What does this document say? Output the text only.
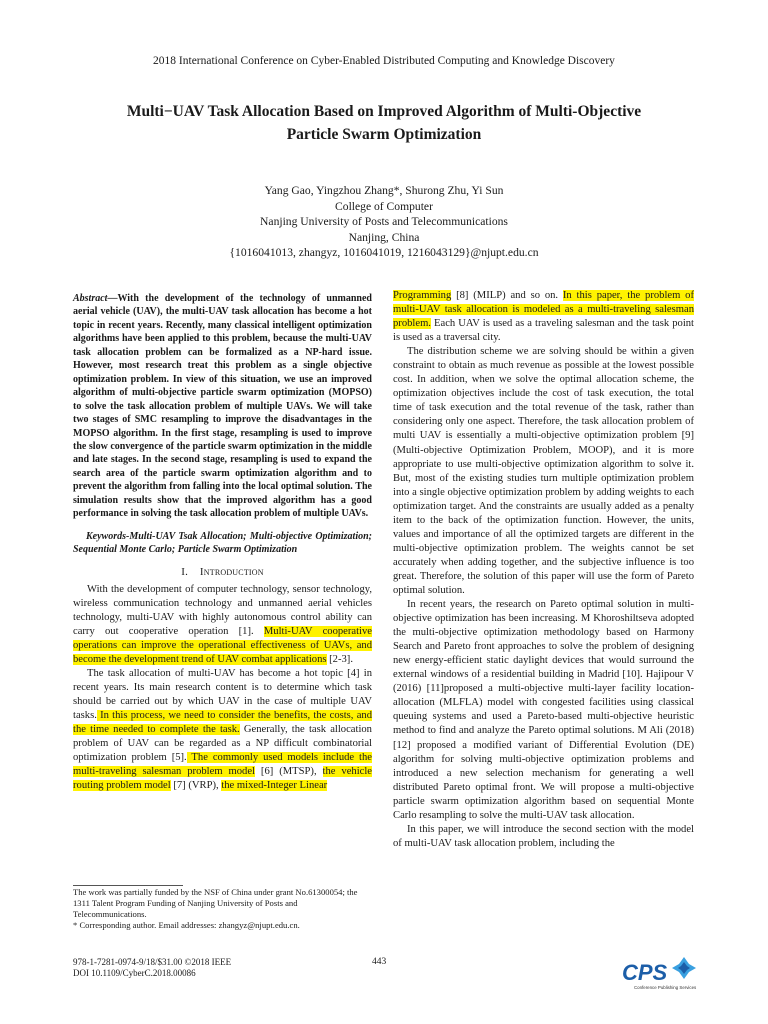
2018 International Conference on Cyber-Enabled Distributed Computing and Knowledge Discovery
Multi−UAV Task Allocation Based on Improved Algorithm of Multi-Objective
Particle Swarm Optimization
Yang Gao, Yingzhou Zhang*, Shurong Zhu, Yi Sun
College of Computer
Nanjing University of Posts and Telecommunications
Nanjing, China
{1016041013, zhangyz, 1016041019, 1216043129}@njupt.edu.cn

Abstract—With the development of the technology of unmanned aerial vehicle (UAV), the multi-UAV task allocation has become a hot topic in recent years. Recently, many classical intelligent optimization algorithms have been applied to this problem, because the multi-UAV task allocation problem can be formalized as a NP-hard issue. However, most research treat this problem as a single objective optimization problem. In view of this situation, we use an improved algorithm of multi-objective particle swarm optimization (MOPSO) to solve the task allocation problem of multiple UAVs. We will take two stages of SMC resampling to improve the disadvantages in the MOPSO algorithm. In the first stage, resampling is used to improve the slow convergence of the particle swarm optimization in the middle and late stages. In the second stage, resampling is used to expand the search area of the particle swarm optimization algorithm and to prevent the algorithm from falling into the local optimal solution. The simulation results show that the improved algorithm has a good performance in solving the task allocation problem of multiple UAVs.

Keywords-Multi-UAV Tsak Allocation; Multi-objective Optimization; Sequential Monte Carlo; Particle Swarm Optimization

I. Introduction

With the development of computer technology, sensor technology, wireless communication technology and unmanned aerial vehicles technology, multi-UAV with highly autonomous control ability can carry out cooperative operation [1]. Multi-UAV cooperative operations can improve the operational effectiveness of UAVs, and become the development trend of UAV combat applications [2-3].

The task allocation of multi-UAV has become a hot topic [4] in recent years. Its main research content is to determine which task should be carried out by which UAV in the case of multiple UAV tasks. In this process, we need to consider the benefits, the costs, and the time needed to complete the task. Generally, the task allocation problem of UAV can be regarded as a NP difficult combinatorial optimization problem [5]. The commonly used models include the multi-traveling salesman problem model [6] (MTSP), the vehicle routing problem model [7] (VRP), the mixed-Integer Linear

The work was partially funded by the NSF of China under grant No.61300054; the 1311 Talent Program Funding of Nanjing University of Posts and Telecommunications.
* Corresponding author. Email addresses: zhangyz@njupt.edu.cn.

Programming [8] (MILP) and so on. In this paper, the problem of multi-UAV task allocation is modeled as a multi-traveling salesman problem. Each UAV is used as a traveling salesman and the task point is used as a traversal city.

The distribution scheme we are solving should be within a given constraint to obtain as much revenue as possible at the lowest possible cost. In addition, when we solve the optimal allocation scheme, the optimization objectives include the cost of task execution, the total time of task execution and the total revenue of the task, rather than considering only one aspect. Therefore, the task allocation problem of multi UAV is essentially a multi-objective optimization problem [9] (Multi-objective Optimization Problem, MOOP), and it is more appropriate to use multi-objective optimization algorithm to solve it. But, most of the existing studies turn multiple optimization problem into a single objective optimization problem by adding weights to each optimization target. And the constraints are usually added as a penalty item to the back of the optimization function. However, the units, values and importance of all the optimized targets are different in the multi-objective optimization problem. The weights cannot be set accurately when adding together, and the subjective influence is too great. Therefore, the solution of this paper will use the form of Pareto optimal solution.

In recent years, the research on Pareto optimal solution in multi-objective optimization has been increasing. M Khoroshiltseva adopted the multi-objective optimization methodology based on Harmony Search and Pareto front approaches to solve the problem of designing new energy-efficient static daylight devices that would surround the external windows of a residential building in Madrid [10]. Hajipour V (2016) [11]proposed a multi-objective multi-layer facility location-allocation (MLFLA) model with congested facilities using classical queuing systems and used a Pareto-based multi-objective heuristic method to find and analyze the Pareto optimal solutions. M Ali (2018) [12] proposed a modified variant of Differential Evolution (DE) algorithm for solving multi-objective optimization problems and introduced a new selection mechanism for generating a well distributed Pareto optimal front. We will propose a multi-objective particle swarm optimization algorithm based on sequential Monte Carlo resampling to solve the multi-UAV task allocation.

In this paper, we will introduce the second section with the model of multi-UAV task allocation problem, including the

978-1-7281-0974-9/18/$31.00 ©2018 IEEE
DOI 10.1109/CyberC.2018.00086
443	CPS
Conference Publishing Services
